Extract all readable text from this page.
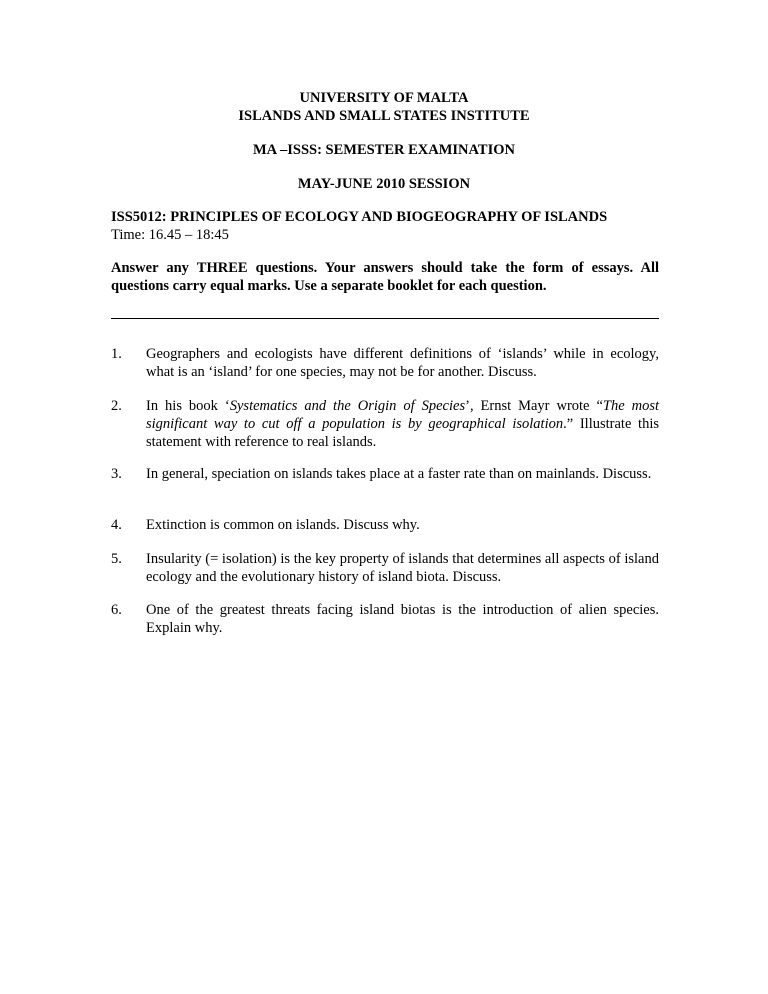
UNIVERSITY OF MALTA
ISLANDS AND SMALL STATES INSTITUTE
MA –ISSS: SEMESTER EXAMINATION
MAY-JUNE 2010 SESSION
ISS5012: PRINCIPLES OF ECOLOGY AND BIOGEOGRAPHY OF ISLANDS
Time: 16.45 – 18:45
Answer any THREE questions. Your answers should take the form of essays. All questions carry equal marks. Use a separate booklet for each question.
1.	Geographers and ecologists have different definitions of ‘islands’ while in ecology, what is an ‘island’ for one species, may not be for another. Discuss.
2.	In his book ‘Systematics and the Origin of Species’, Ernst Mayr wrote “The most significant way to cut off a population is by geographical isolation.” Illustrate this statement with reference to real islands.
3.	In general, speciation on islands takes place at a faster rate than on mainlands. Discuss.
4.	Extinction is common on islands. Discuss why.
5.	Insularity (= isolation) is the key property of islands that determines all aspects of island ecology and the evolutionary history of island biota. Discuss.
6.	One of the greatest threats facing island biotas is the introduction of alien species. Explain why.
